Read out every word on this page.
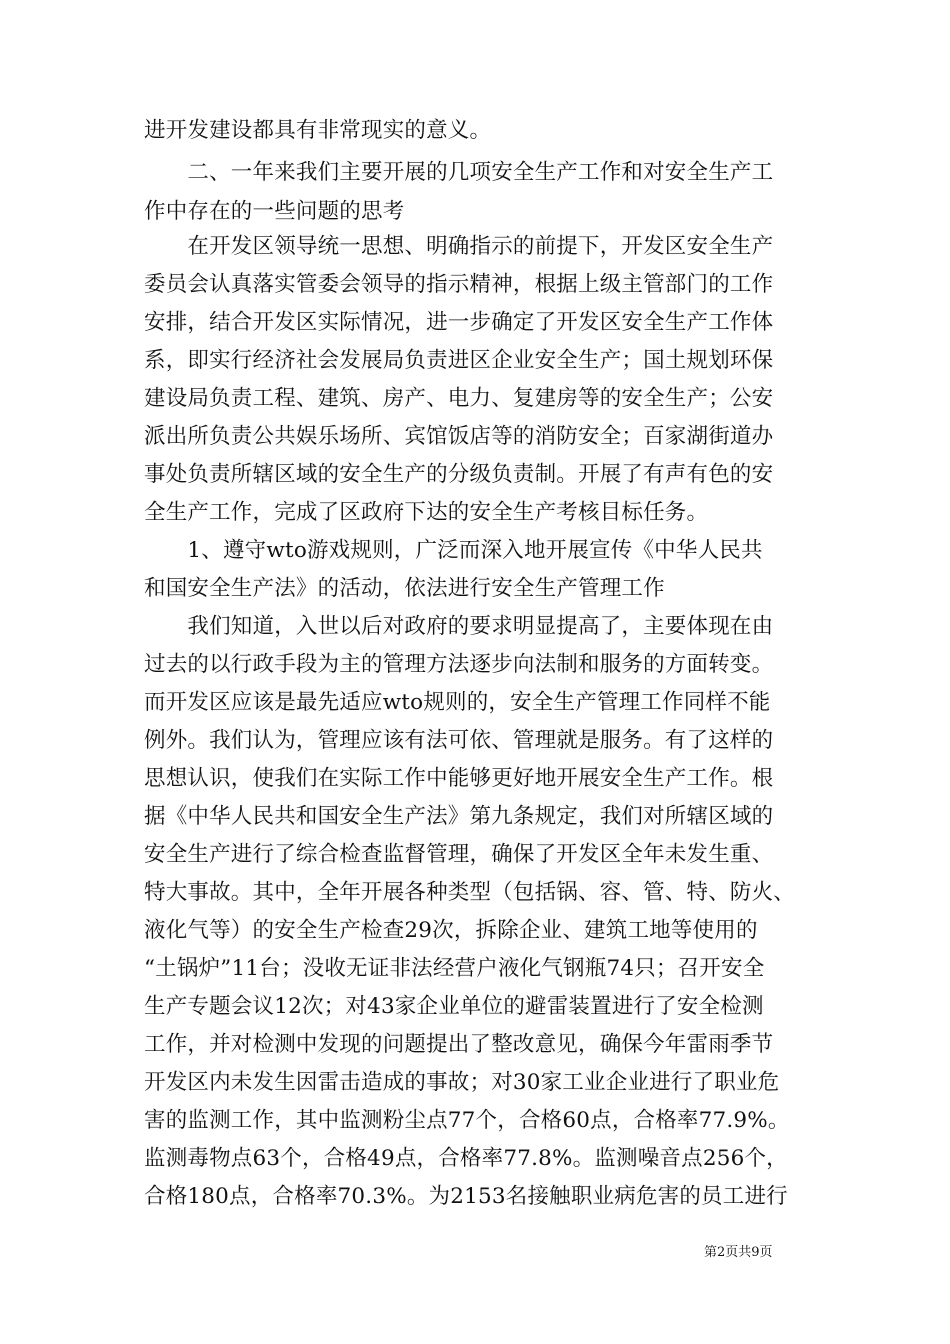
进开发建设都具有非常现实的意义。
　　二、一年来我们主要开展的几项安全生产工作和对安全生产工
作中存在的一些问题的思考
　　在开发区领导统一思想、明确指示的前提下，开发区安全生产
委员会认真落实管委会领导的指示精神，根据上级主管部门的工作
安排，结合开发区实际情况，进一步确定了开发区安全生产工作体
系，即实行经济社会发展局负责进区企业安全生产；国土规划环保
建设局负责工程、建筑、房产、电力、复建房等的安全生产；公安
派出所负责公共娱乐场所、宾馆饭店等的消防安全；百家湖街道办
事处负责所辖区域的安全生产的分级负责制。开展了有声有色的安
全生产工作，完成了区政府下达的安全生产考核目标任务。
　　1、遵守wto游戏规则，广泛而深入地开展宣传《中华人民共
和国安全生产法》的活动，依法进行安全生产管理工作
　　我们知道，入世以后对政府的要求明显提高了，主要体现在由
过去的以行政手段为主的管理方法逐步向法制和服务的方面转变。
而开发区应该是最先适应wto规则的，安全生产管理工作同样不能
例外。我们认为，管理应该有法可依、管理就是服务。有了这样的
思想认识，使我们在实际工作中能够更好地开展安全生产工作。根
据《中华人民共和国安全生产法》第九条规定，我们对所辖区域的
安全生产进行了综合检查监督管理，确保了开发区全年未发生重、
特大事故。其中，全年开展各种类型（包括锅、容、管、特、防火、
液化气等）的安全生产检查29次，拆除企业、建筑工地等使用的
“土锅炉”11台；没收无证非法经营户液化气钢瓶74只；召开安全
生产专题会议12次；对43家企业单位的避雷装置进行了安全检测
工作，并对检测中发现的问题提出了整改意见，确保今年雷雨季节
开发区内未发生因雷击造成的事故；对30家工业企业进行了职业危
害的监测工作，其中监测粉尘点77个，合格60点，合格率77.9%。
监测毒物点63个，合格49点，合格率77.8%。监测噪音点256个，
合格180点，合格率70.3%。为2153名接触职业病危害的员工进行
第2页共9页
